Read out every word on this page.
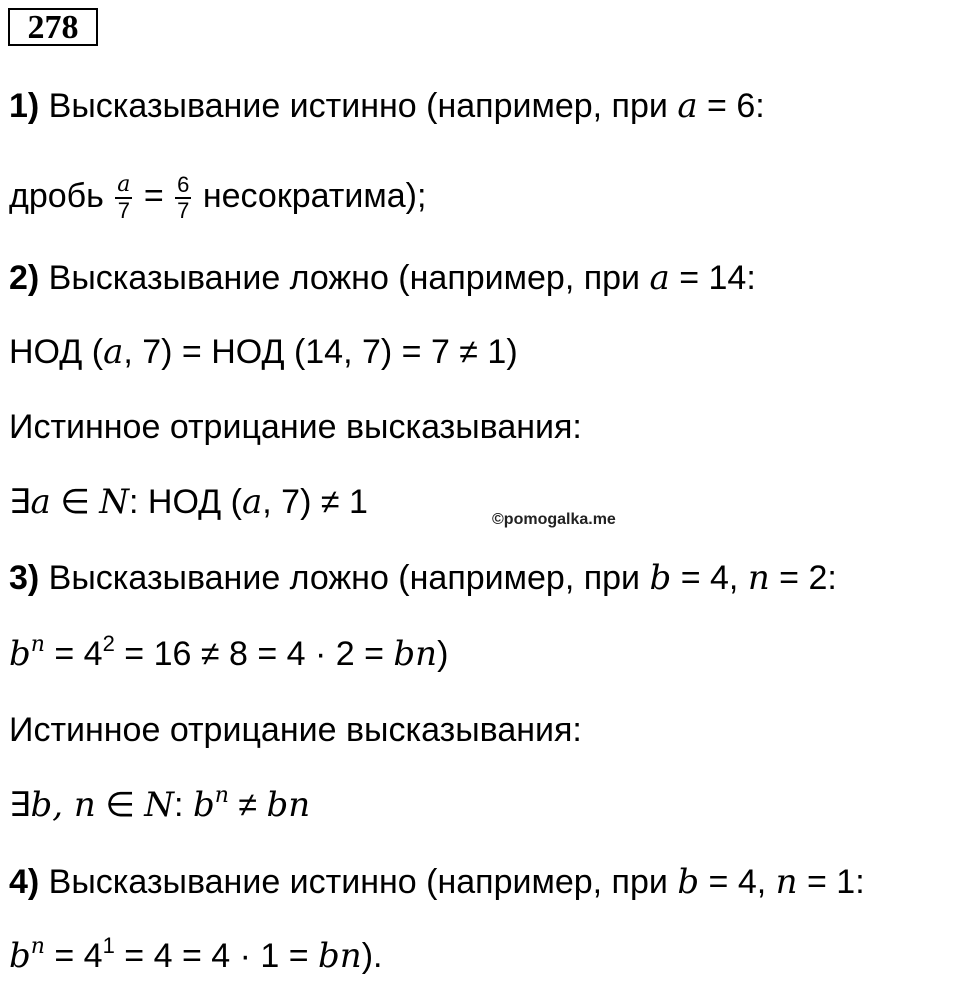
278
1) Высказывание истинно (например, при a = 6:
дробь $\frac{a}{7} = \frac{6}{7}$ несократима);
2) Высказывание ложно (например, при a = 14:
НОД (a, 7) = НОД (14, 7) = 7 ≠ 1)
Истинное отрицание высказывания:
∃a ∈ N: НОД (a, 7) ≠ 1	©pomogalka.me
3) Высказывание ложно (например, при b = 4, n = 2:
$b^n = 4^2 = 16 \ne 8 = 4 \cdot 2 = bn$)
Истинное отрицание высказывания:
∃b, n ∈ N: $b^n$ ≠ bn
4) Высказывание истинно (например, при b = 4, n = 1:
$b^n = 4^1 = 4 = 4 \cdot 1 = bn$).
